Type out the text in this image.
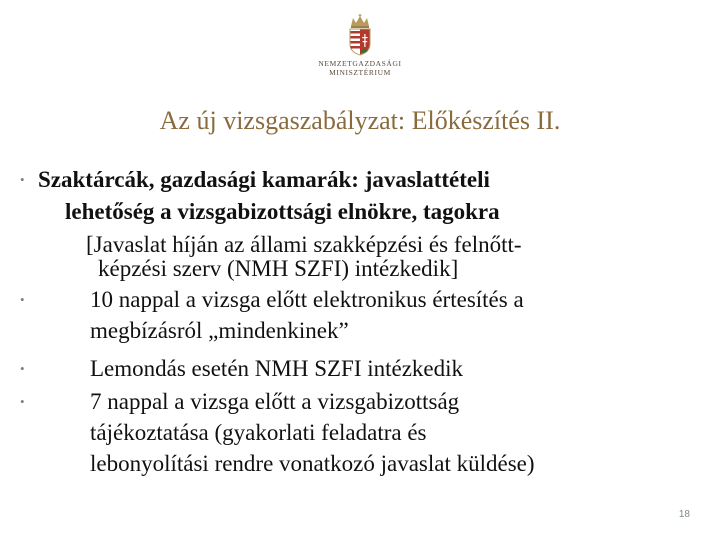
NEMZETGAZDASÁGI
MINISZTÉRIUM
Az új vizsgaszabályzat: Előkészítés II.
• Szaktárcák, gazdasági kamarák: javaslattételi
lehetőség a vizsgabizottsági elnökre, tagokra
[Javaslat híján az állami szakképzési és felnőtt-
képzési szerv (NMH SZFI) intézkedik]
•	10 nappal a vizsga előtt elektronikus értesítés a
megbízásról „mindenkinek”
•	Lemondás esetén NMH SZFI intézkedik
•	7 nappal a vizsga előtt a vizsgabizottság
tájékoztatása (gyakorlati feladatra és
lebonyolítási rendre vonatkozó javaslat küldése)
18
